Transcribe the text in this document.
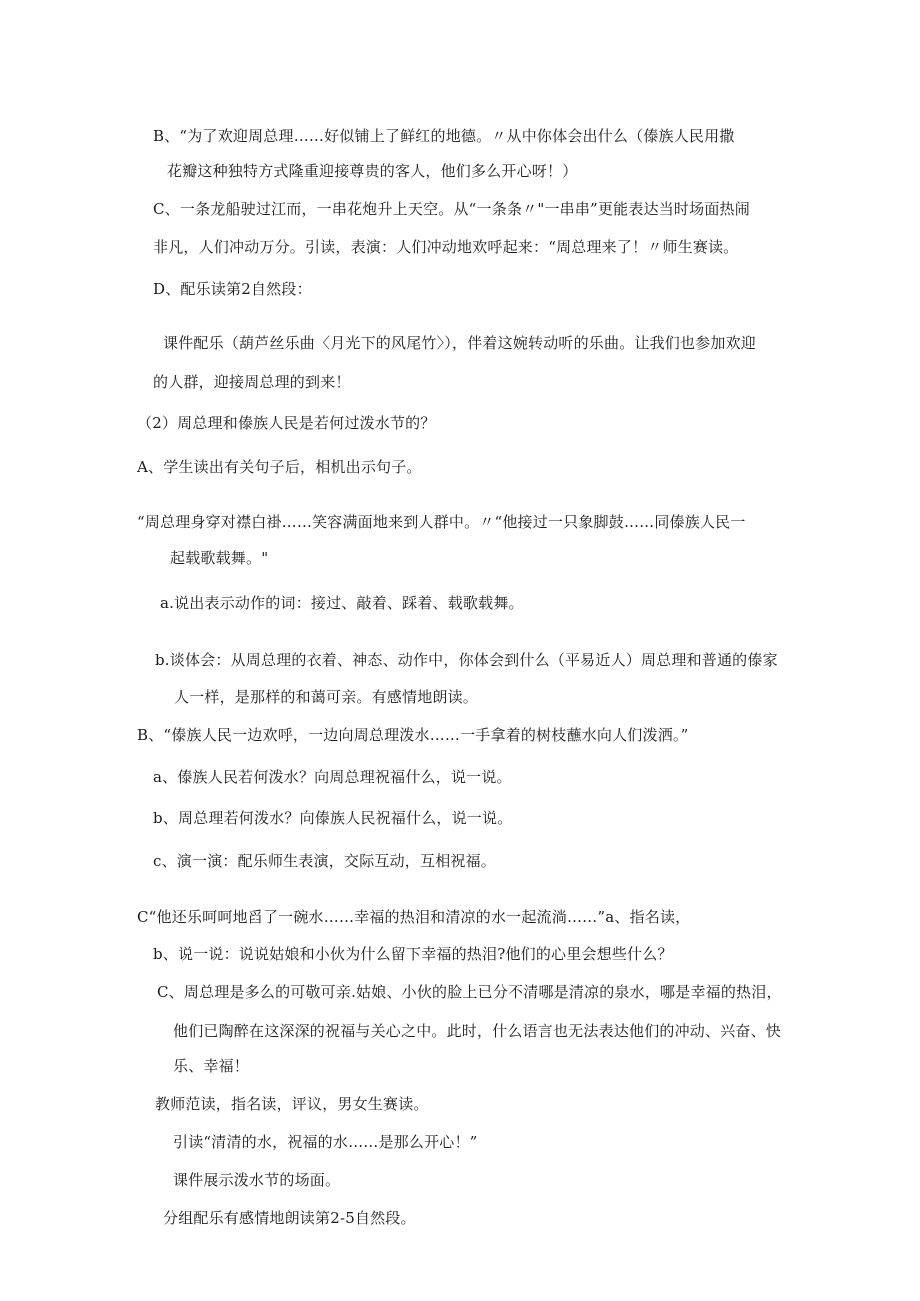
B、“为了欢迎周总理……好似铺上了鲜红的地德。〃从中你体会出什么（傣族人民用撒
花瓣这种独特方式隆重迎接尊贵的客人，他们多么开心呀！）
C、一条龙船驶过江而，一串花炮升上天空。从“一条条〃"一串串”更能表达当时场面热闹
非凡，人们冲动万分。引读，表演：人们冲动地欢呼起来：“周总理来了！〃师生赛读。
D、配乐读第2自然段：
课件配乐（葫芦丝乐曲〈月光下的风尾竹〉），伴着这婉转动听的乐曲。让我们也参加欢迎
的人群，迎接周总理的到来！
（2）周总理和傣族人民是若何过泼水节的？
A、学生读出有关句子后，相机出示句子。
“周总理身穿对襟白褂……笑容满面地来到人群中。〃“他接过一只象脚鼓……同傣族人民一
起载歌载舞。"
a.说出表示动作的词：接过、敲着、踩着、载歌载舞。
b.谈体会：从周总理的衣着、神态、动作中，你体会到什么（平易近人）周总理和普通的傣家
人一样，是那样的和蔼可亲。有感情地朗读。
B、“傣族人民一边欢呼，一边向周总理泼水……一手拿着的树枝蘸水向人们泼洒。”
a、傣族人民若何泼水？向周总理祝福什么，说一说。
b、周总理若何泼水？向傣族人民祝福什么，说一说。
c、演一演：配乐师生表演，交际互动，互相祝福。
C“他还乐呵呵地舀了一碗水……幸福的热泪和清凉的水一起流淌……”a、指名读，
b、说一说：说说姑娘和小伙为什么留下幸福的热泪?他们的心里会想些什么？
C、周总理是多么的可敬可亲.姑娘、小伙的脸上已分不清哪是清凉的泉水，哪是幸福的热泪，
他们已陶醉在这深深的祝福与关心之中。此时，什么语言也无法表达他们的冲动、兴奋、快
乐、幸福！
教师范读，指名读，评议，男女生赛读。
引读“清清的水，祝福的水……是那么开心！”
课件展示泼水节的场面。
分组配乐有感情地朗读第2-5自然段。
